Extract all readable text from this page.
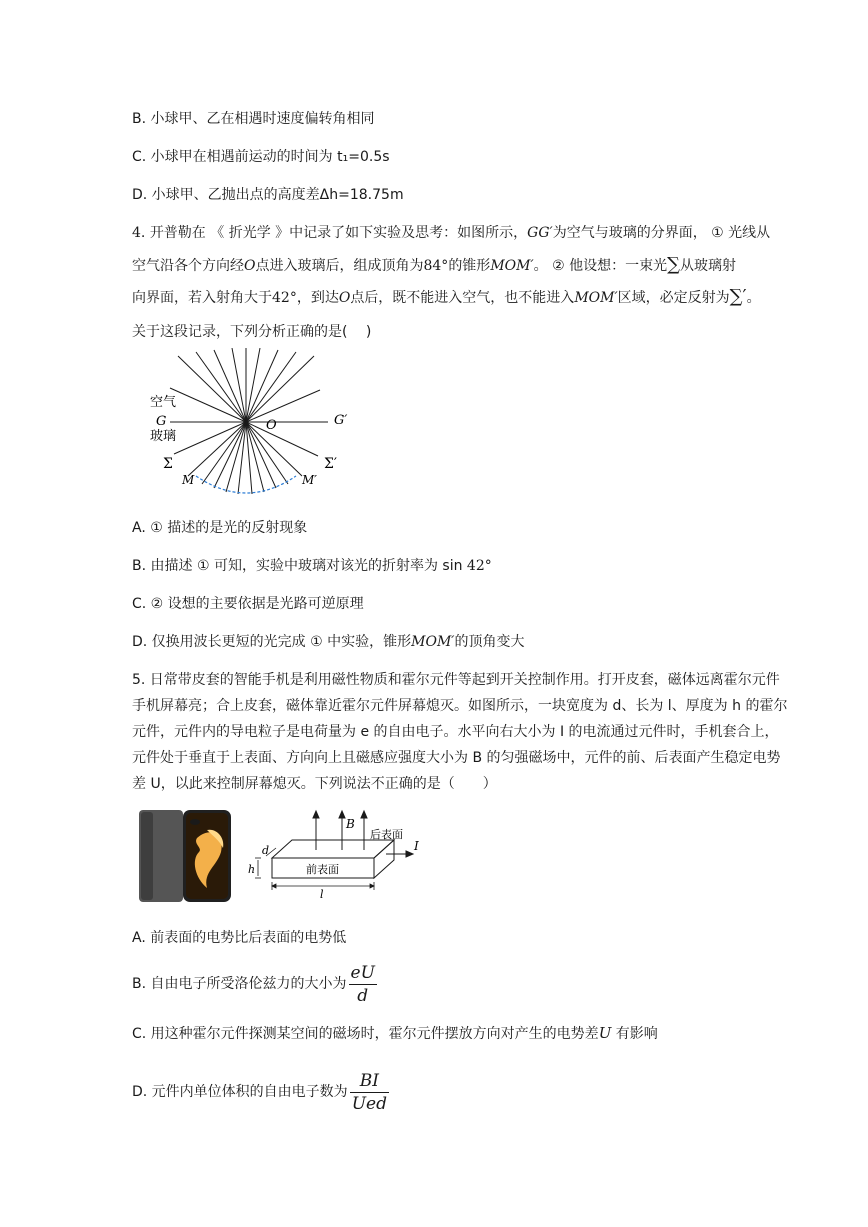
B. 小球甲、乙在相遇时速度偏转角相同
C. 小球甲在相遇前运动的时间为 t₁=0.5s
D. 小球甲、乙抛出点的高度差Δh=18.75m
4. 开普勒在 《 折光学 》中记录了如下实验及思考：如图所示，GG′为空气与玻璃的分界面， ① 光线从
空气沿各个方向经O点进入玻璃后，组成顶角为84°的锥形MOM′。 ② 他设想：一束光∑从玻璃射
向界面，若入射角大于42°，到达O点后，既不能进入空气，也不能进入MOM′区域，必定反射为∑′。
关于这段记录，下列分析正确的是(　 )
空气
G
玻璃
O	G′
Σ	Σ′
M	M′
A. ① 描述的是光的反射现象
B. 由描述 ① 可知，实验中玻璃对该光的折射率为 sin 42°
C. ② 设想的主要依据是光路可逆原理
D. 仅换用波长更短的光完成 ① 中实验，锥形MOM′的顶角变大
5. 日常带皮套的智能手机是利用磁性物质和霍尔元件等起到开关控制作用。打开皮套，磁体远离霍尔元件
手机屏幕亮；合上皮套，磁体靠近霍尔元件屏幕熄灭。如图所示，一块宽度为 d、长为 l、厚度为 h 的霍尔
元件，元件内的导电粒子是电荷量为 e 的自由电子。水平向右大小为 I 的电流通过元件时，手机套合上，
元件处于垂直于上表面、方向向上且磁感应强度大小为 B 的匀强磁场中，元件的前、后表面产生稳定电势
差 U，以此来控制屏幕熄灭。下列说法不正确的是（　　）
B
后表面
前表面
I
d
h
l
A. 前表面的电势比后表面的电势低
B. 自由电子所受洛伦兹力的大小为 $\frac{eU}{d}$
C. 用这种霍尔元件探测某空间的磁场时，霍尔元件摆放方向对产生的电势差U 有影响
D. 元件内单位体积的自由电子数为 $\frac{BI}{\text{Ued}}$
